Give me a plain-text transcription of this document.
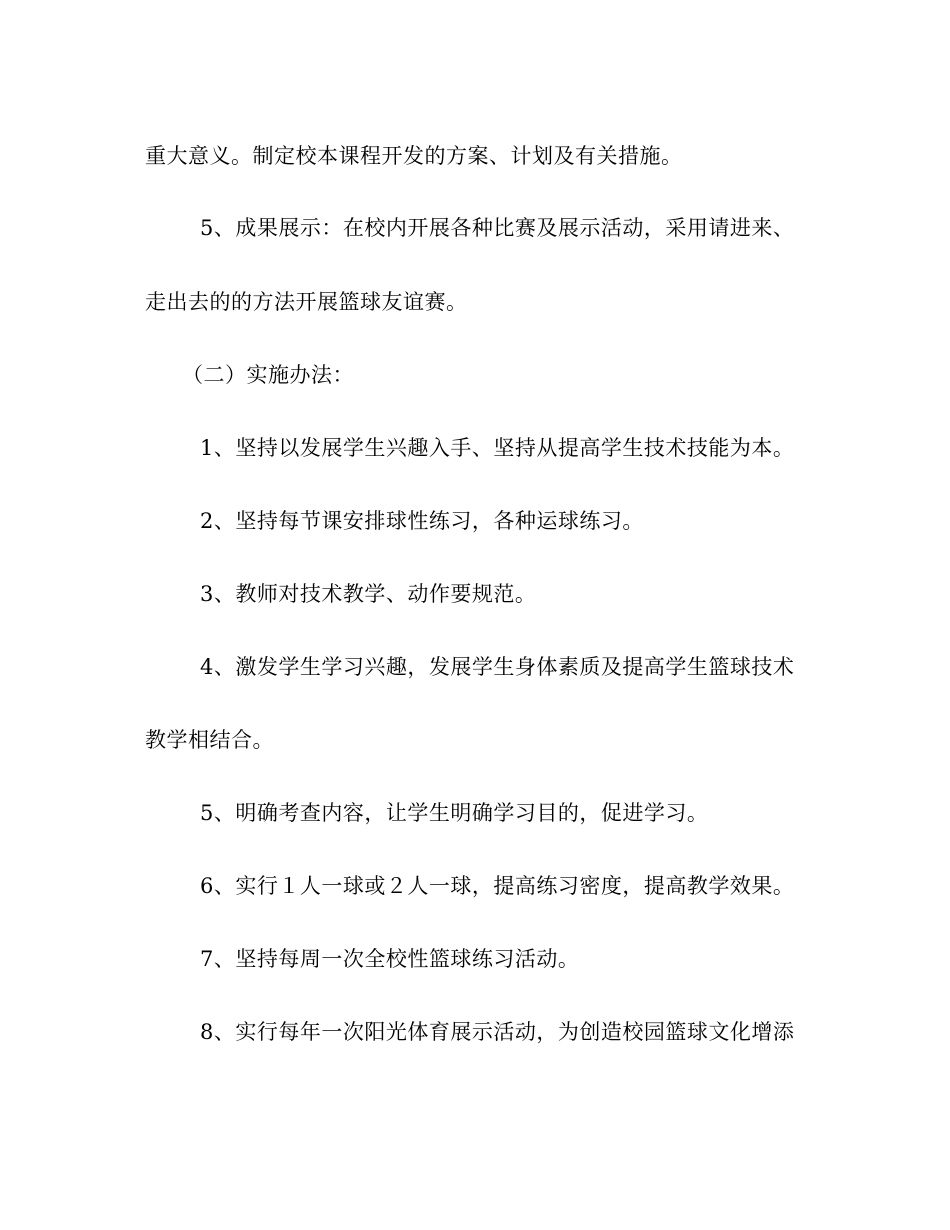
重大意义。制定校本课程开发的方案、计划及有关措施。
5、成果展示：在校内开展各种比赛及展示活动，采用请进来、
走出去的的方法开展篮球友谊赛。
（二）实施办法：
1、坚持以发展学生兴趣入手、坚持从提高学生技术技能为本。
2、坚持每节课安排球性练习，各种运球练习。
3、教师对技术教学、动作要规范。
4、激发学生学习兴趣，发展学生身体素质及提高学生篮球技术
教学相结合。
5、明确考查内容，让学生明确学习目的，促进学习。
6、实行１人一球或２人一球，提高练习密度，提高教学效果。
7、坚持每周一次全校性篮球练习活动。
8、实行每年一次阳光体育展示活动，为创造校园篮球文化增添
